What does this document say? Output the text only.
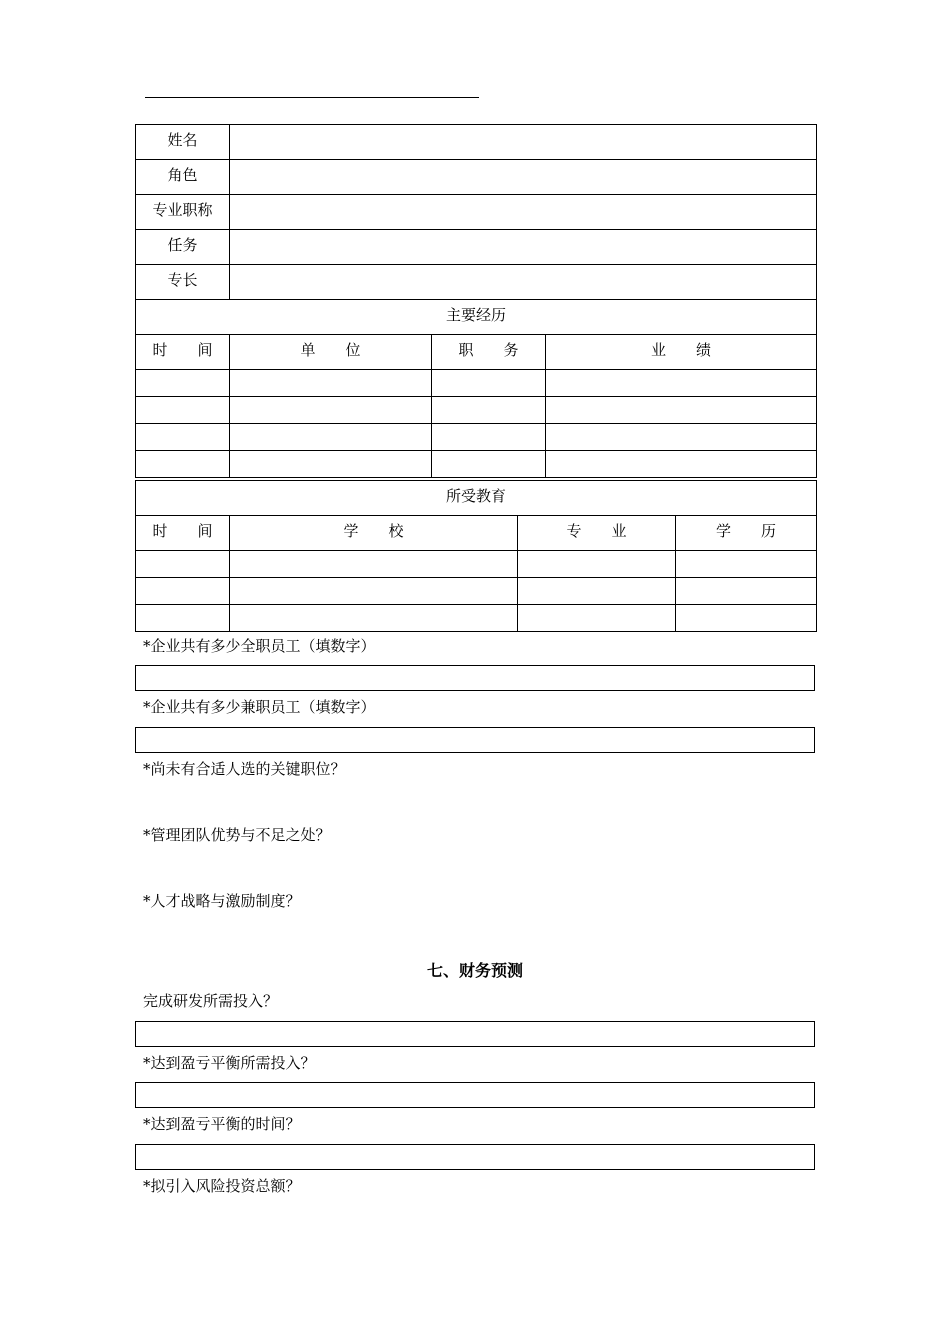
姓名			
角色			
专业职称			
任务			
专长			
主要经历			
时　　间	单　　位	职　　务	业　　绩

所受教育			
时　　间	学　　校	专　　业	学　　历

*企业共有多少全职员工（填数字）
*企业共有多少兼职员工（填数字）
*尚未有合适人选的关键职位？
*管理团队优势与不足之处？
*人才战略与激励制度？
七、财务预测
完成研发所需投入？
*达到盈亏平衡所需投入？
*达到盈亏平衡的时间？
*拟引入风险投资总额？
